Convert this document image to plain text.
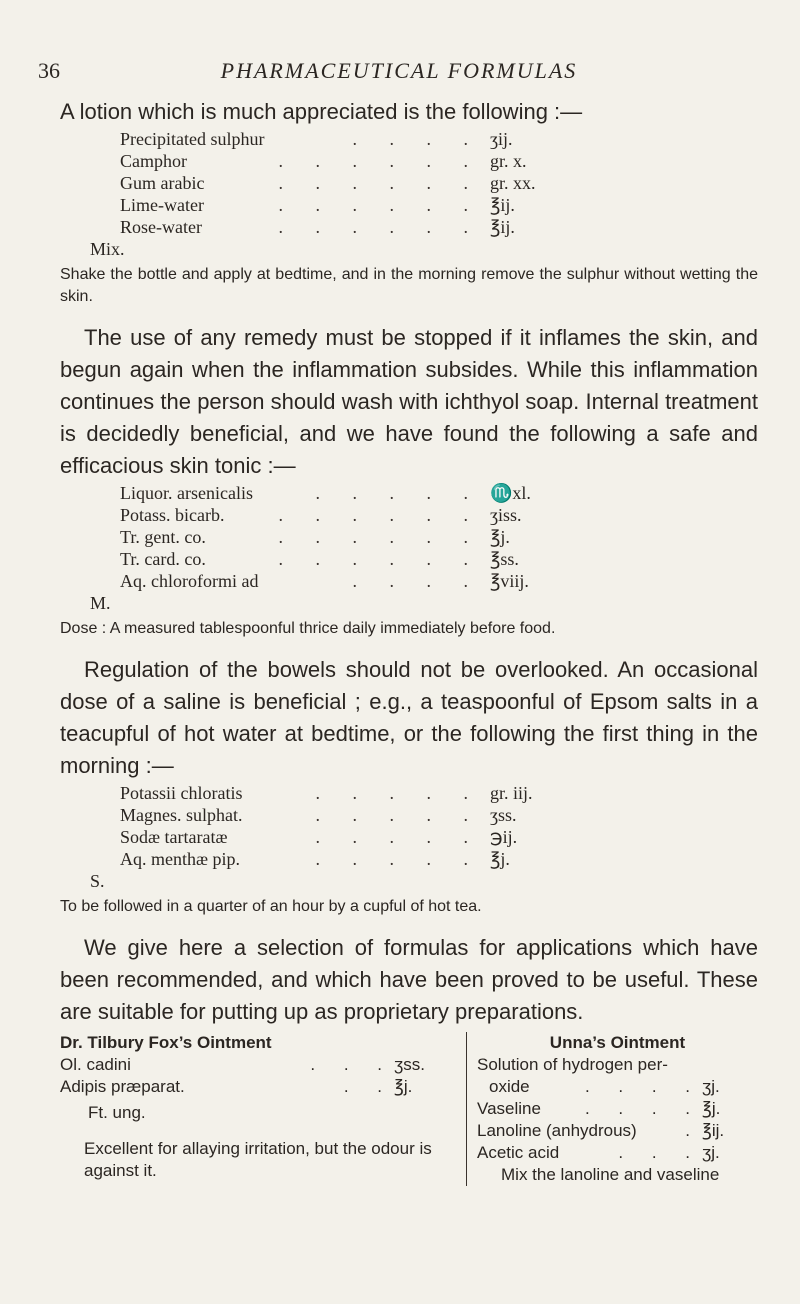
36	PHARMACEUTICAL FORMULAS

A lotion which is much appreciated is the following :—

Precipitated sulphur	. . . . ʒij.
Camphor	. . . . . . gr. x.
Gum arabic	. . . . . . gr. xx.
Lime-water	. . . . . . ℥ij.
Rose-water	. . . . . . ℥ij.
Mix.

Shake the bottle and apply at bedtime, and in the morning remove the sulphur without wetting the skin.

The use of any remedy must be stopped if it inflames the skin, and begun again when the inflammation subsides. While this inflammation continues the person should wash with ichthyol soap. Internal treatment is decidedly beneficial, and we have found the following a safe and efficacious skin tonic :—

Liquor. arsenicalis	. . . . . ♏xl.
Potass. bicarb.	. . . . . . ʒiss.
Tr. gent. co.	. . . . . . ℥j.
Tr. card. co.	. . . . . . ℥ss.
Aq. chloroformi ad	. . . . ℥viij.
M.

Dose : A measured tablespoonful thrice daily immediately before food.

Regulation of the bowels should not be overlooked. An occasional dose of a saline is beneficial ; e.g., a teaspoonful of Epsom salts in a teacupful of hot water at bedtime, or the following the first thing in the morning :—

Potassii chloratis	. . . . . gr. iij.
Magnes. sulphat.	. . . . . ʒss.
Sodæ tartaratæ	. . . . . ℈ij.
Aq. menthæ pip.	. . . . . ℥j.
S.

To be followed in a quarter of an hour by a cupful of hot tea.

We give here a selection of formulas for applications which have been recommended, and which have been proved to be useful. These are suitable for putting up as proprietary preparations.

Dr. Tilbury Fox’s Ointment
Ol. cadini	. . . ʒss.
Adipis præparat.	. . ℥j.
Ft. ung.
Excellent for allaying irritation, but the odour is against it.
Unna’s Ointment
Solution of hydrogen per-
oxide	. . . . ʒj.
Vaseline	. . . . ℥j.
Lanoline (anhydrous)	. ℥ij.
Acetic acid	. . . ʒj.
Mix the lanoline and vaseline
